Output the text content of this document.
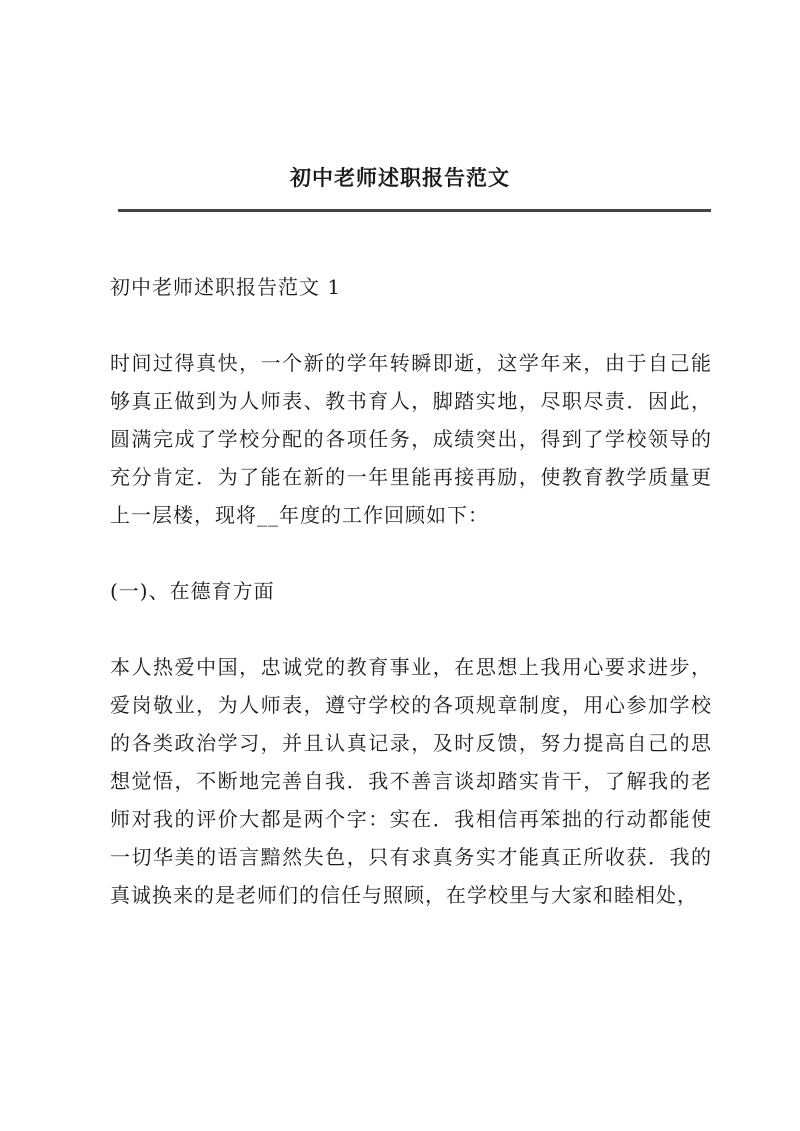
初中老师述职报告范文

初中老师述职报告范文 1

时间过得真快，一个新的学年转瞬即逝，这学年来，由于自己能够真正做到为人师表、教书育人，脚踏实地，尽职尽责．因此，圆满完成了学校分配的各项任务，成绩突出，得到了学校领导的充分肯定．为了能在新的一年里能再接再励，使教育教学质量更上一层楼，现将__年度的工作回顾如下：

(一)、在德育方面

本人热爱中国，忠诚党的教育事业，在思想上我用心要求进步，爱岗敬业，为人师表，遵守学校的各项规章制度，用心参加学校的各类政治学习，并且认真记录，及时反馈，努力提高自己的思想觉悟，不断地完善自我．我不善言谈却踏实肯干，了解我的老师对我的评价大都是两个字：实在．我相信再笨拙的行动都能使一切华美的语言黯然失色，只有求真务实才能真正所收获．我的真诚换来的是老师们的信任与照顾，在学校里与大家和睦相处，
